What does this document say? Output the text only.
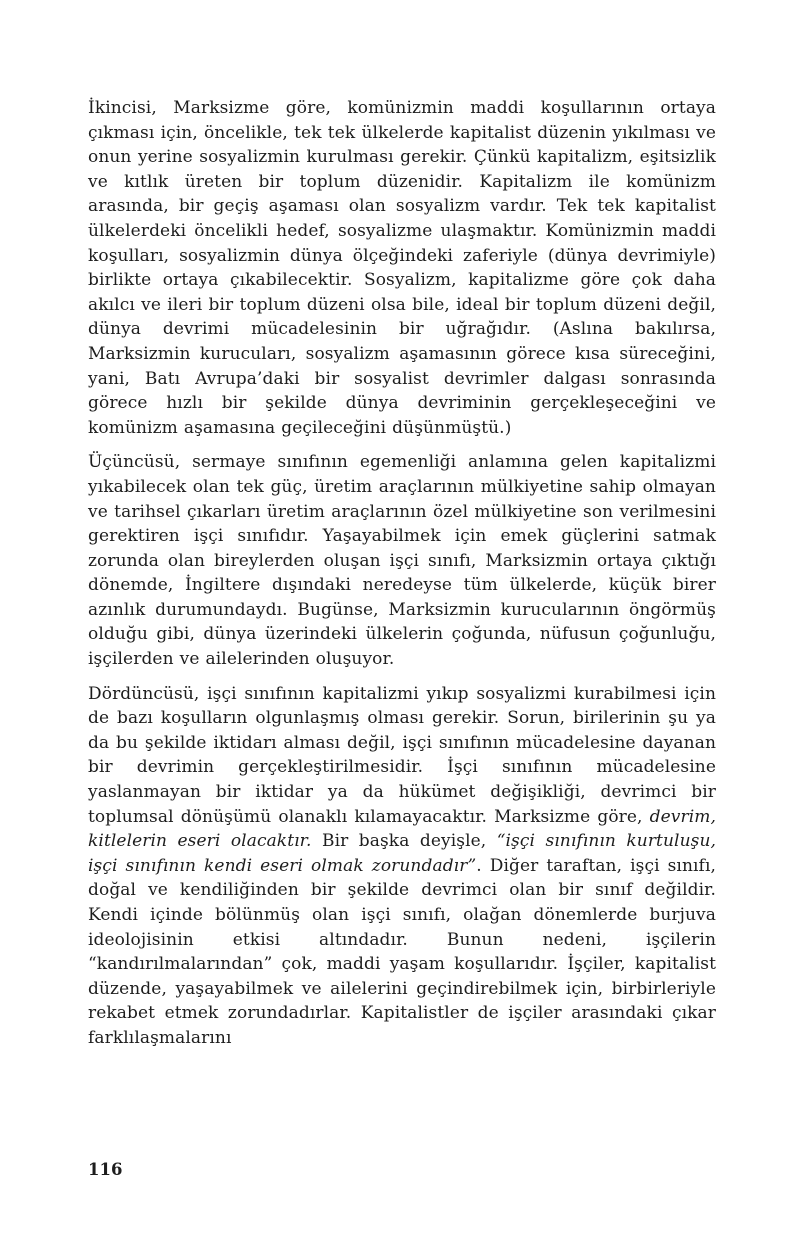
İkincisi, Marksizme göre, komünizmin maddi koşullarının ortaya çıkması için, öncelikle, tek tek ülkelerde kapitalist düzenin yıkılması ve onun yerine sosyalizmin kurulması gerekir. Çünkü kapitalizm, eşitsizlik ve kıtlık üreten bir toplum düzenidir. Kapitalizm ile komünizm arasında, bir geçiş aşaması olan sosyalizm vardır. Tek tek kapitalist ülkelerdeki öncelikli hedef, sosyalizme ulaşmaktır. Komünizmin maddi koşulları, sosyalizmin dünya ölçeğindeki zaferiyle (dünya devrimiyle) birlikte ortaya çıkabilecektir. Sosyalizm, kapitalizme göre çok daha akılcı ve ileri bir toplum düzeni olsa bile, ideal bir toplum düzeni değil, dünya devrimi mücadelesinin bir uğrağıdır. (Aslına bakılırsa, Marksizmin kurucuları, sosyalizm aşamasının görece kısa süreceğini, yani, Batı Avrupa’daki bir sosyalist devrimler dalgası sonrasında görece hızlı bir şekilde dünya devriminin gerçekleşeceğini ve komünizm aşamasına geçileceğini düşünmüştü.)

Üçüncüsü, sermaye sınıfının egemenliği anlamına gelen kapitalizmi yıkabilecek olan tek güç, üretim araçlarının mülkiyetine sahip olmayan ve tarihsel çıkarları üretim araçlarının özel mülkiyetine son verilmesini gerektiren işçi sınıfıdır. Yaşayabilmek için emek güçlerini satmak zorunda olan bireylerden oluşan işçi sınıfı, Marksizmin ortaya çıktığı dönemde, İngiltere dışındaki neredeyse tüm ülkelerde, küçük birer azınlık durumundaydı. Bugünse, Marksizmin kurucularının öngörmüş olduğu gibi, dünya üzerindeki ülkelerin çoğunda, nüfusun çoğunluğu, işçilerden ve ailelerinden oluşuyor.

Dördüncüsü, işçi sınıfının kapitalizmi yıkıp sosyalizmi kurabilmesi için de bazı koşulların olgunlaşmış olması gerekir. Sorun, birilerinin şu ya da bu şekilde iktidarı alması değil, işçi sınıfının mücadelesine dayanan bir devrimin gerçekleştirilmesidir. İşçi sınıfının mücadelesine yaslanmayan bir iktidar ya da hükümet değişikliği, devrimci bir toplumsal dönüşümü olanaklı kılamayacaktır. Marksizme göre, devrim, kitlelerin eseri olacaktır. Bir başka deyişle, “işçi sınıfının kurtuluşu, işçi sınıfının kendi eseri olmak zorundadır”. Diğer taraftan, işçi sınıfı, doğal ve kendiliğinden bir şekilde devrimci olan bir sınıf değildir. Kendi içinde bölünmüş olan işçi sınıfı, olağan dönemlerde burjuva ideolojisinin etkisi altındadır. Bunun nedeni, işçilerin “kandırılmalarından” çok, maddi yaşam koşullarıdır. İşçiler, kapitalist düzende, yaşayabilmek ve ailelerini geçindirebilmek için, birbirleriyle rekabet etmek zorundadırlar. Kapitalistler de işçiler arasındaki çıkar farklılaşmalarını

116
